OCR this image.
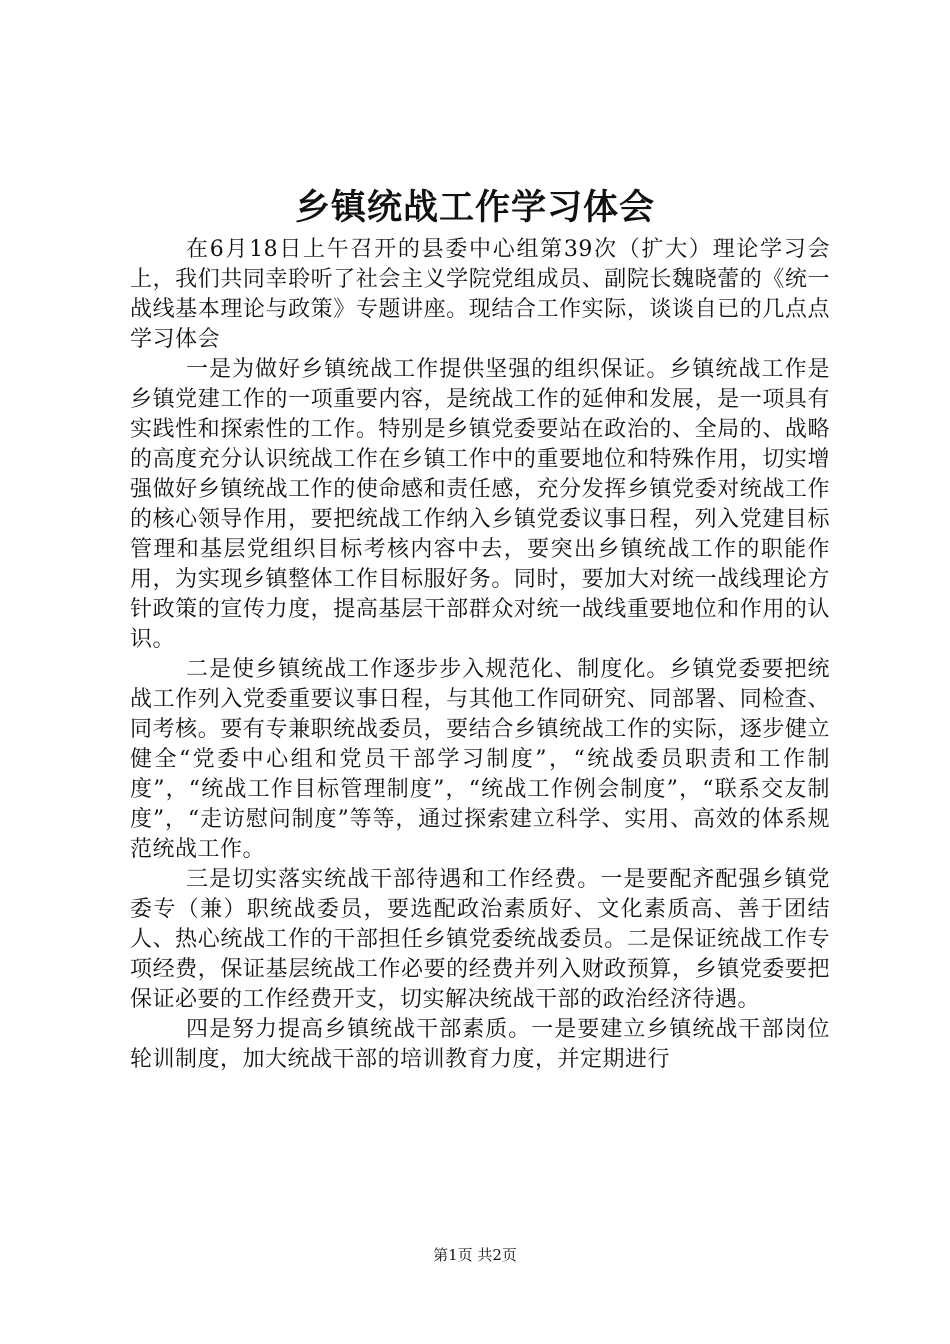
乡镇统战工作学习体会

在6月18日上午召开的县委中心组第39次（扩大）理论学习会上，我们共同幸聆听了社会主义学院党组成员、副院长魏晓蕾的《统一战线基本理论与政策》专题讲座。现结合工作实际，谈谈自已的几点点学习体会

一是为做好乡镇统战工作提供坚强的组织保证。乡镇统战工作是乡镇党建工作的一项重要内容，是统战工作的延伸和发展，是一项具有实践性和探索性的工作。特别是乡镇党委要站在政治的、全局的、战略的高度充分认识统战工作在乡镇工作中的重要地位和特殊作用，切实增强做好乡镇统战工作的使命感和责任感，充分发挥乡镇党委对统战工作的核心领导作用，要把统战工作纳入乡镇党委议事日程，列入党建目标管理和基层党组织目标考核内容中去，要突出乡镇统战工作的职能作用，为实现乡镇整体工作目标服好务。同时，要加大对统一战线理论方针政策的宣传力度，提高基层干部群众对统一战线重要地位和作用的认识。

二是使乡镇统战工作逐步步入规范化、制度化。乡镇党委要把统战工作列入党委重要议事日程，与其他工作同研究、同部署、同检查、同考核。要有专兼职统战委员，要结合乡镇统战工作的实际，逐步健立健全“党委中心组和党员干部学习制度”，“统战委员职责和工作制度”，“统战工作目标管理制度”，“统战工作例会制度”，“联系交友制度”，“走访慰问制度”等等，通过探索建立科学、实用、高效的体系规范统战工作。

三是切实落实统战干部待遇和工作经费。一是要配齐配强乡镇党委专（兼）职统战委员，要选配政治素质好、文化素质高、善于团结人、热心统战工作的干部担任乡镇党委统战委员。二是保证统战工作专项经费，保证基层统战工作必要的经费并列入财政预算，乡镇党委要把保证必要的工作经费开支，切实解决统战干部的政治经济待遇。

四是努力提高乡镇统战干部素质。一是要建立乡镇统战干部岗位轮训制度，加大统战干部的培训教育力度，并定期进行

第1页 共2页
